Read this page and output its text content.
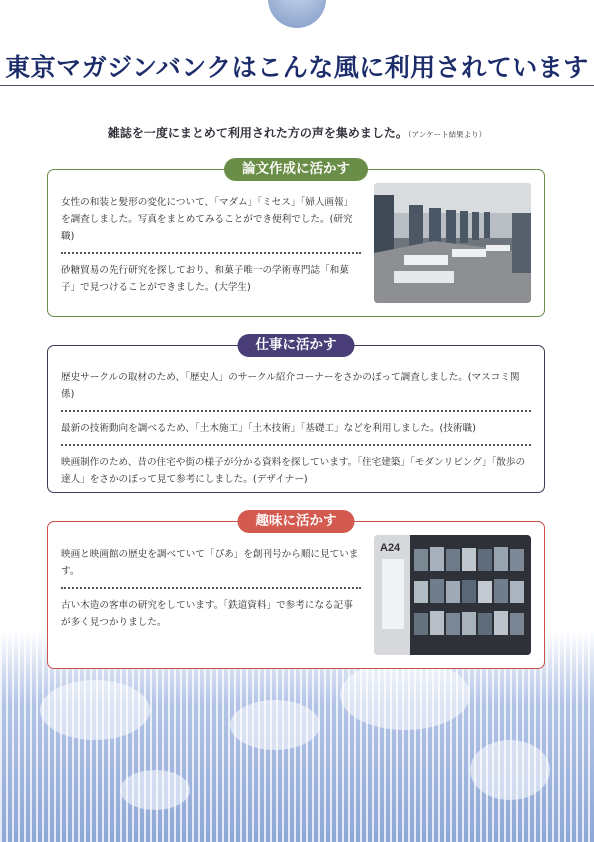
東京マガジンバンクはこんな風に利用されています
雑誌を一度にまとめて利用された方の声を集めました。（アンケート結果より）
論文作成に活かす
女性の和装と髪形の変化について、「マダム」「ミセス」「婦人画報」を調査しました。写真をまとめてみることができ便利でした。(研究職)
砂糖貿易の先行研究を探しており、和菓子唯一の学術専門誌「和菓子」で見つけることができました。(大学生)
仕事に活かす
歴史サークルの取材のため、「歴史人」のサークル紹介コーナーをさかのぼって調査しました。(マスコミ関係)
最新の技術動向を調べるため、「土木施工」「土木技術」「基礎工」などを利用しました。(技術職)
映画制作のため、昔の住宅や街の様子が分かる資料を探しています。「住宅建築」「モダンリビング」「散歩の達人」をさかのぼって見て参考にしました。(デザイナー)
趣味に活かす
映画と映画館の歴史を調べていて「ぴあ」を創刊号から順に見ています。
古い木造の客車の研究をしています。「鉄道資料」で参考になる記事が多く見つかりました。
A24
